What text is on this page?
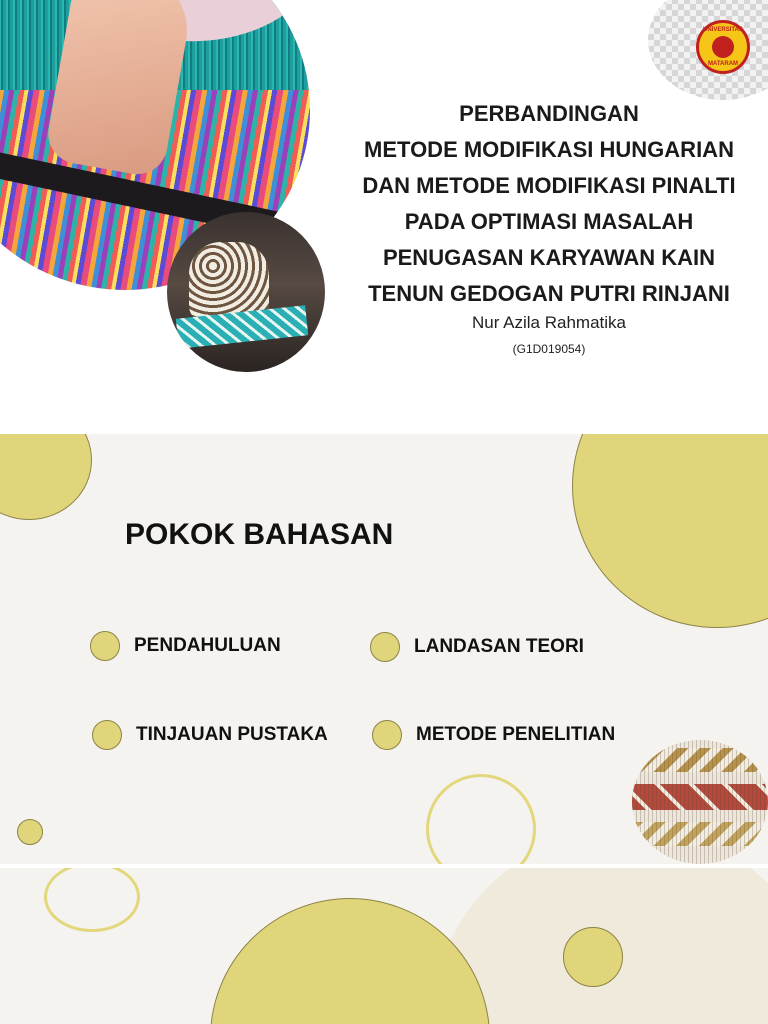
UNIVERSITAS
MATARAM
PERBANDINGAN
METODE MODIFIKASI HUNGARIAN
DAN METODE MODIFIKASI PINALTI
PADA OPTIMASI MASALAH
PENUGASAN KARYAWAN KAIN
TENUN GEDOGAN PUTRI RINJANI
Nur Azila Rahmatika
(G1D019054)
POKOK BAHASAN
PENDAHULUAN	LANDASAN TEORI
TINJAUAN PUSTAKA	METODE PENELITIAN
